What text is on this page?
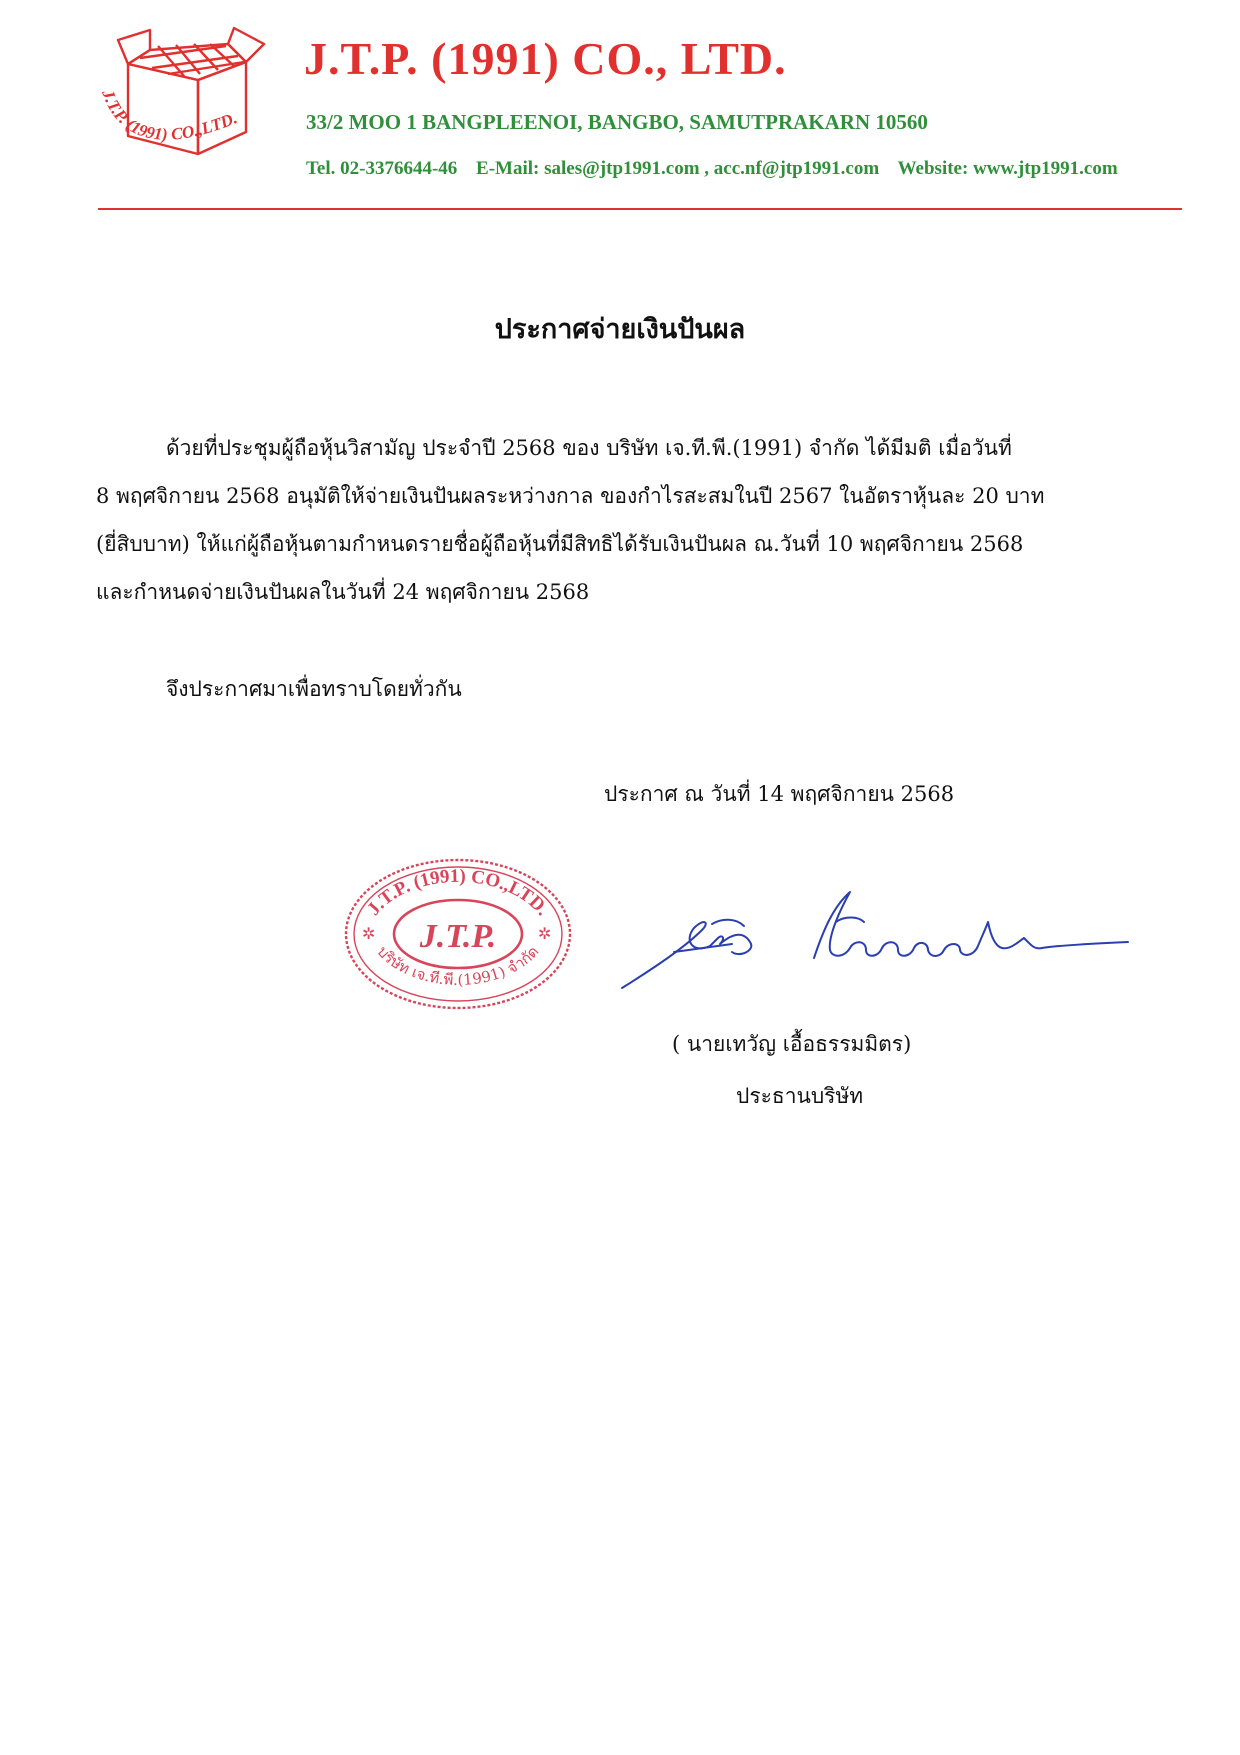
J.T.P. (1991) CO.,LTD.
J.T.P. (1991) CO., LTD.
33/2 MOO 1 BANGPLEENOI, BANGBO, SAMUTPRAKARN 10560
Tel. 02-3376644-46 E-Mail: sales@jtp1991.com , acc.nf@jtp1991.com Website: www.jtp1991.com
ประกาศจ่ายเงินปันผล
ด้วยที่ประชุมผู้ถือหุ้นวิสามัญ ประจำปี 2568 ของ บริษัท เจ.ที.พี.(1991) จำกัด ได้มีมติ เมื่อวันที่
8 พฤศจิกายน 2568 อนุมัติให้จ่ายเงินปันผลระหว่างกาล ของกำไรสะสมในปี 2567 ในอัตราหุ้นละ 20 บาท
(ยี่สิบบาท) ให้แก่ผู้ถือหุ้นตามกำหนดรายชื่อผู้ถือหุ้นที่มีสิทธิได้รับเงินปันผล ณ.วันที่ 10 พฤศจิกายน 2568
และกำหนดจ่ายเงินปันผลในวันที่ 24 พฤศจิกายน 2568
จึงประกาศมาเพื่อทราบโดยทั่วกัน
ประกาศ ณ วันที่ 14 พฤศจิกายน 2568
J.T.P. (1991) CO.,LTD.
บริษัท เจ.ที.พี.(1991) จำกัด
J.T.P.
✲	✲
( นายเทวัญ เอื้อธรรมมิตร)
ประธานบริษัท
